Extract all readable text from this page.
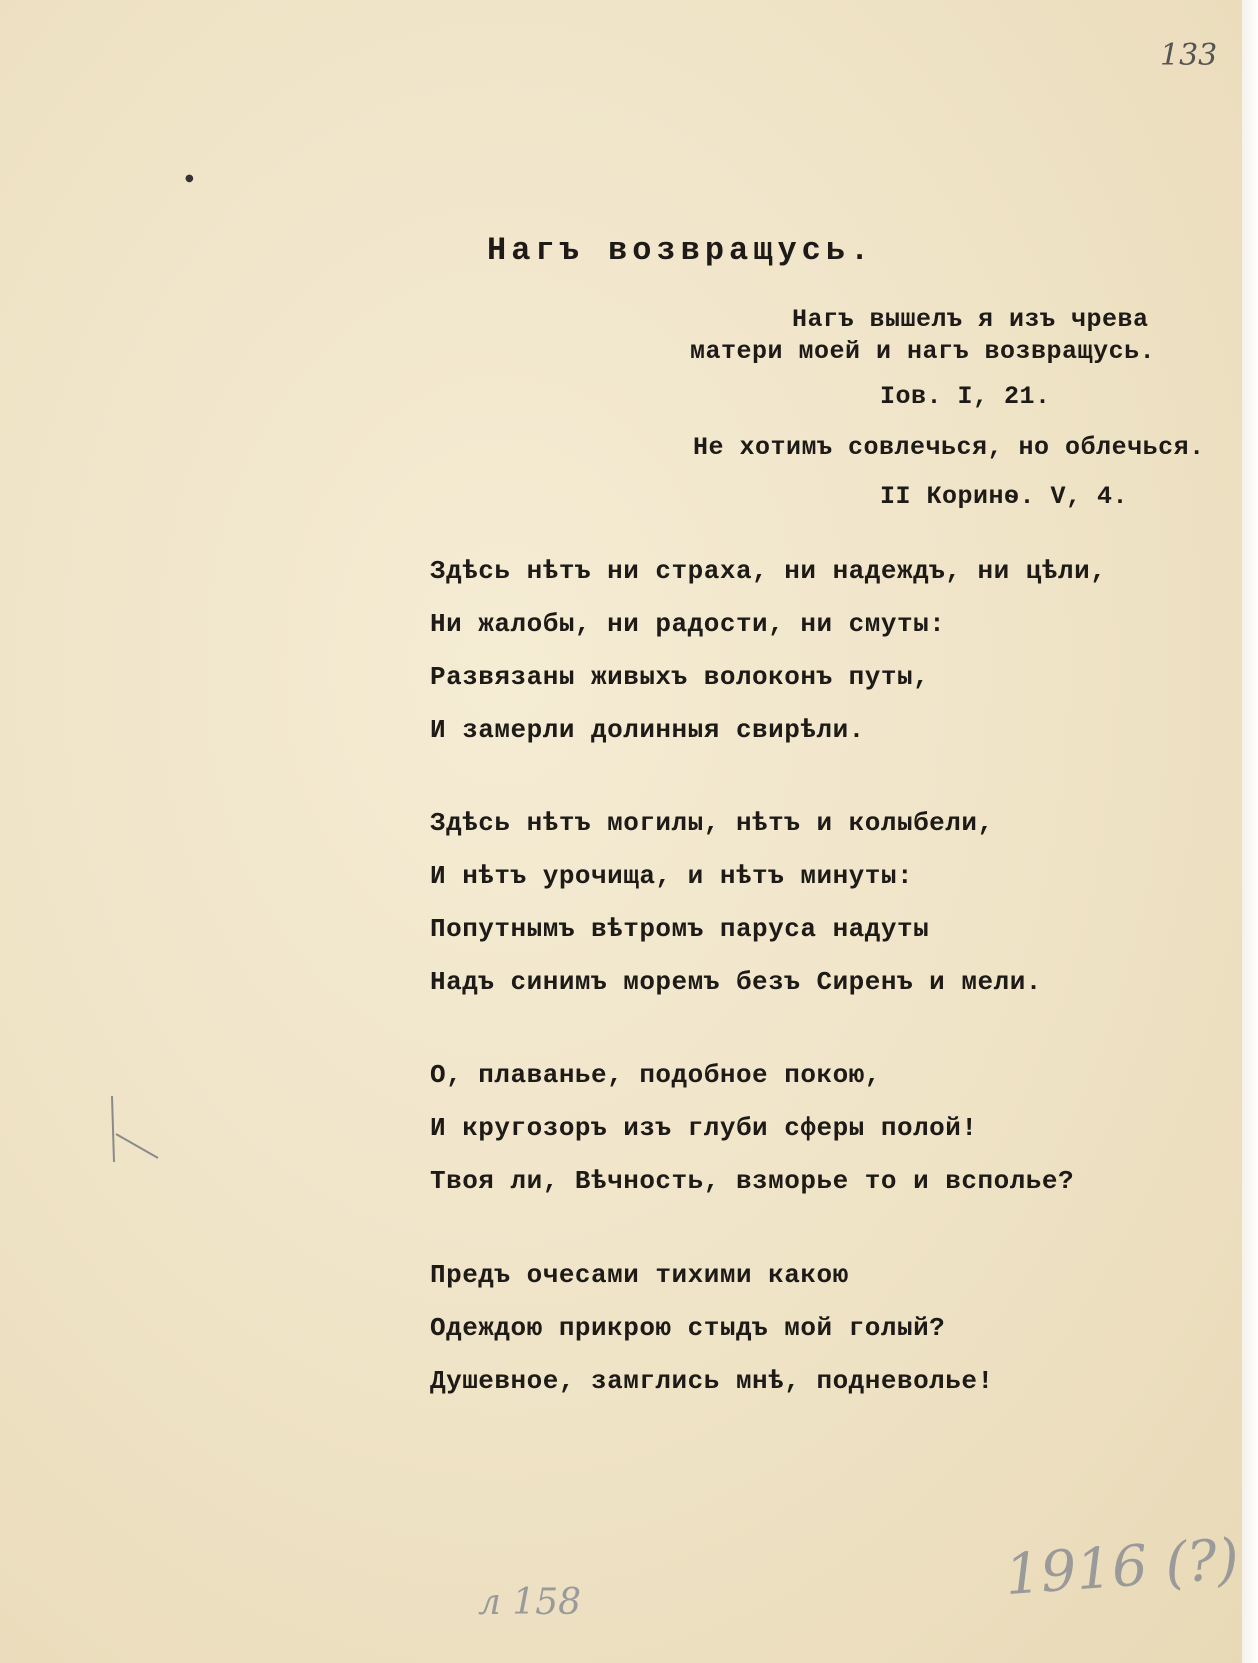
133
●
Нагъ возвращусь.
Нагъ вышелъ я изъ чрева
матери моей и нагъ возвращусь.
Iов. I, 21.
Не хотимъ совлечься, но облечься.
II Коринѳ. V, 4.

Здѣсь нѣтъ ни страха, ни надеждъ, ни цѣли,

Ни жалобы, ни радости, ни смуты:

Развязаны живыхъ волоконъ путы,

И замерли долинныя свирѣли.

Здѣсь нѣтъ могилы, нѣтъ и колыбели,

И нѣтъ урочища, и нѣтъ минуты:

Попутнымъ вѣтромъ паруса надуты

Надъ синимъ моремъ безъ Сиренъ и мели.

О, плаванье, подобное покою,

И кругозоръ изъ глуби сферы полой!

Твоя ли, Вѣчность, взморье то и всполье?

Предъ очесами тихими какою

Одеждою прикрою стыдъ мой голый?

Душевное, замглись мнѣ, подневолье!

1916 (?)
л 158
